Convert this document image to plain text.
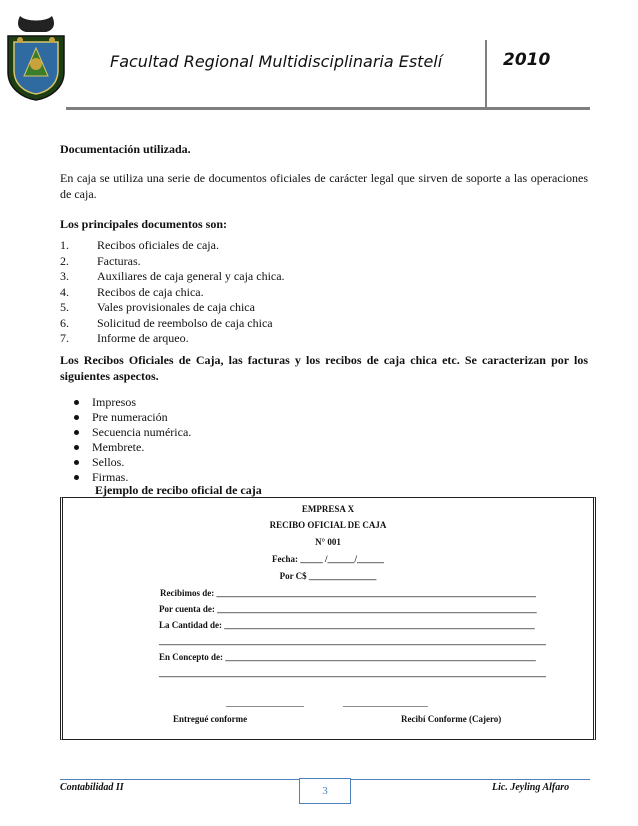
Facultad Regional Multidisciplinaria Estelí	2010
Documentación utilizada.
En caja se utiliza una serie de documentos oficiales de carácter legal que sirven de soporte a las operaciones de caja.
Los principales documentos son:
1.	Recibos oficiales de caja.
2.	Facturas.
3.	Auxiliares de caja general y caja chica.
4.	Recibos de caja chica.
5.	Vales provisionales de caja chica
6.	Solicitud de reembolso de caja chica
7.	Informe de arqueo.
Los Recibos Oficiales de Caja, las facturas y los recibos de caja chica etc. Se caracterizan por los siguientes aspectos.
Impresos
Pre numeración
Secuencia numérica.
Membrete.
Sellos.
Firmas.
Ejemplo de recibo oficial de caja
EMPRESA X
RECIBO OFICIAL DE CAJA
N° 001
Fecha: _____ /______/______
Por C$ _______________
Recibimos de: _______________________________________________________________________
Por cuenta de: _______________________________________________________________________
La Cantidad de: _____________________________________________________________________
______________________________________________________________________________________
En Concepto de: _____________________________________________________________________
______________________________________________________________________________________
______________________	________________________
Entregué conforme	Recibí Conforme (Cajero)
Contabilidad II	3	Lic. Jeyling Alfaro
